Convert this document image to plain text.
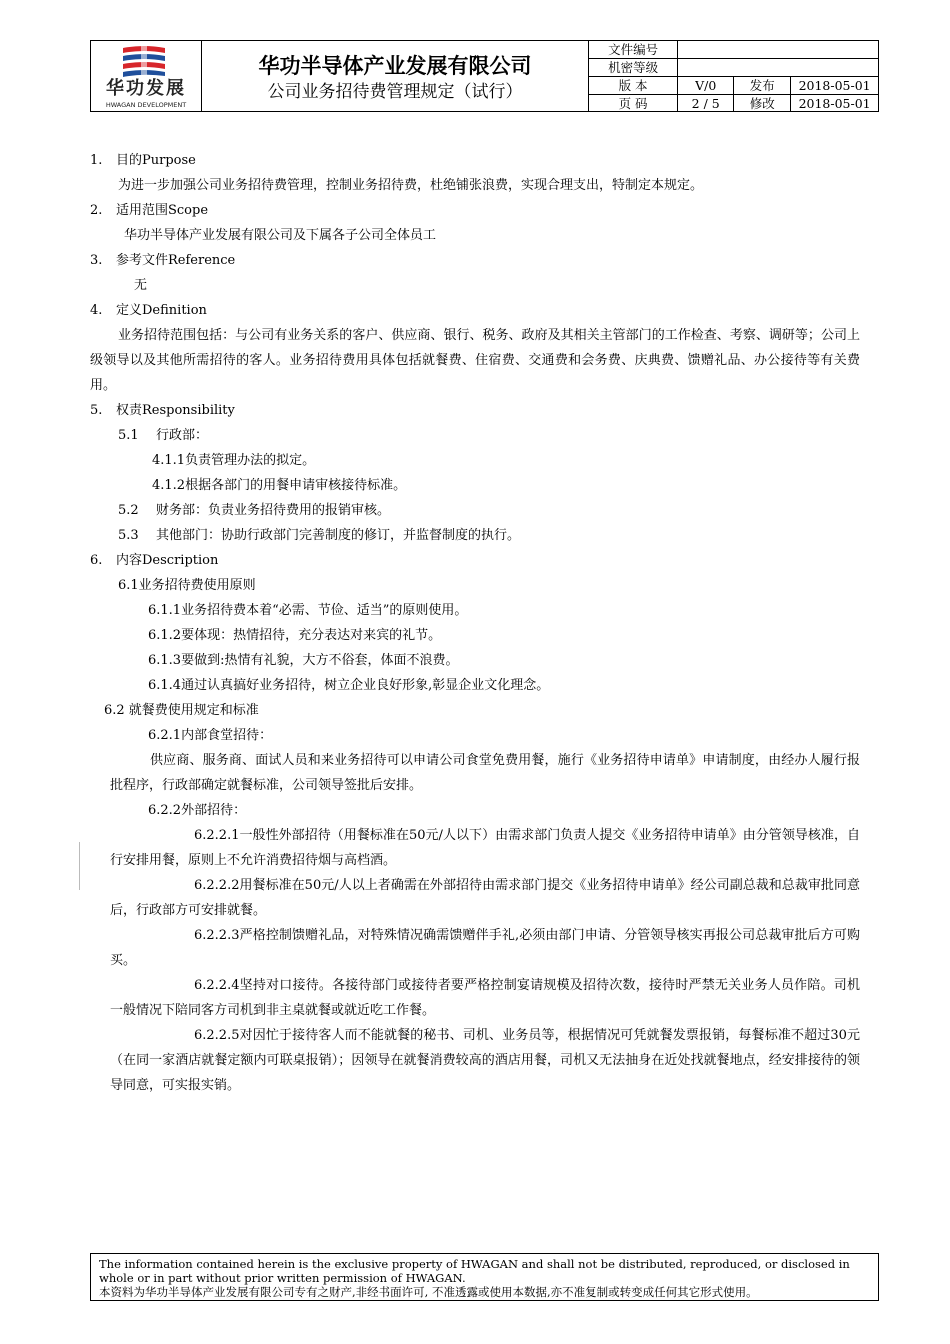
华功发展
HWAGAN DEVELOPMENT
华功半导体产业发展有限公司
公司业务招待费管理规定（试行）
文件编号			
机密等级			
版 本	V/0	发布	2018-05-01
页 码	2 / 5	修改	2018-05-01

1. 目的Purpose

为进一步加强公司业务招待费管理，控制业务招待费，杜绝铺张浪费，实现合理支出，特制定本规定。

2. 适用范围Scope

华功半导体产业发展有限公司及下属各子公司全体员工

3. 参考文件Reference

无

4. 定义Definition

业务招待范围包括：与公司有业务关系的客户、供应商、银行、税务、政府及其相关主管部门的工作检查、考察、调研等；公司上级领导以及其他所需招待的客人。业务招待费用具体包括就餐费、住宿费、交通费和会务费、庆典费、馈赠礼品、办公接待等有关费用。

5. 权责Responsibility

5.1 行政部：

4.1.1负责管理办法的拟定。

4.1.2根据各部门的用餐申请审核接待标准。

5.2 财务部：负责业务招待费用的报销审核。

5.3 其他部门：协助行政部门完善制度的修订，并监督制度的执行。

6. 内容Description

6.1业务招待费使用原则

6.1.1业务招待费本着“必需、节俭、适当”的原则使用。

6.1.2要体现：热情招待，充分表达对来宾的礼节。

6.1.3要做到:热情有礼貌，大方不俗套，体面不浪费。

6.1.4通过认真搞好业务招待，树立企业良好形象,彰显企业文化理念。

6.2 就餐费使用规定和标准

6.2.1内部食堂招待：

供应商、服务商、面试人员和来业务招待可以申请公司食堂免费用餐，施行《业务招待申请单》申请制度，由经办人履行报批程序，行政部确定就餐标准，公司领导签批后安排。

6.2.2外部招待：

6.2.2.1一般性外部招待（用餐标准在50元/人以下）由需求部门负责人提交《业务招待申请单》由分管领导核准，自行安排用餐，原则上不允许消费招待烟与高档酒。

6.2.2.2用餐标准在50元/人以上者确需在外部招待由需求部门提交《业务招待申请单》经公司副总裁和总裁审批同意后，行政部方可安排就餐。

6.2.2.3严格控制馈赠礼品，对特殊情况确需馈赠伴手礼,必须由部门申请、分管领导核实再报公司总裁审批后方可购买。

6.2.2.4坚持对口接待。各接待部门或接待者要严格控制宴请规模及招待次数，接待时严禁无关业务人员作陪。司机一般情况下陪同客方司机到非主桌就餐或就近吃工作餐。

6.2.2.5对因忙于接待客人而不能就餐的秘书、司机、业务员等，根据情况可凭就餐发票报销，每餐标准不超过30元（在同一家酒店就餐定额内可联桌报销）；因领导在就餐消费较高的酒店用餐，司机又无法抽身在近处找就餐地点，经安排接待的领导同意，可实报实销。

The information contained herein is the exclusive property of HWAGAN and shall not be distributed, reproduced, or disclosed in whole or in part without prior written permission of HWAGAN.
本资料为华功半导体产业发展有限公司专有之财产,非经书面许可, 不准透露或使用本数据,亦不准复制或转变成任何其它形式使用。
